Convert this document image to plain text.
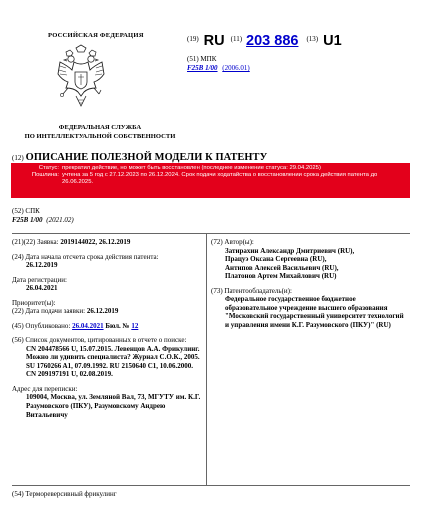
РОССИЙСКАЯ ФЕДЕРАЦИЯ
ФЕДЕРАЛЬНАЯ СЛУЖБА
ПО ИНТЕЛЛЕКТУАЛЬНОЙ СОБСТВЕННОСТИ
(19) RU (11) 203 886 (13) U1
(51) МПК
F25B 1/00 (2006.01)
(12) ОПИСАНИЕ ПОЛЕЗНОЙ МОДЕЛИ К ПАТЕНТУ
Статус: прекратил действие, но может быть восстановлен (последнее изменение статуса: 29.04.2025)
Пошлина: учтена за 5 год с 27.12.2023 по 26.12.2024. Срок подачи ходатайства о восстановлении срока действия патента до 26.06.2025.
(52) СПК
F25B 1/00 (2021.02)
(21)(22) Заявка: 2019144022, 26.12.2019
(24) Дата начала отсчета срока действия патента:
26.12.2019
Дата регистрации:
26.04.2021
Приоритет(ы):
(22) Дата подачи заявки: 26.12.2019
(45) Опубликовано: 26.04.2021 Бюл. № 12
(56) Список документов, цитированных в отчете о поиске:
CN 204478566 U, 15.07.2015. Левенцов А.А. Фрикулинг. Можно ли удивить специалиста? Журнал С.О.К., 2005. SU 1760266 A1, 07.09.1992. RU 2150640 C1, 10.06.2000. CN 209197191 U, 02.08.2019.
Адрес для переписки:
109004, Москва, ул. Земляной Вал, 73, МГУТУ им. К.Г. Разумовского (ПКУ), Разумовскому Андрею Витальевичу
(72) Автор(ы):
Затирахин Александр Дмитриевич (RU),
Працуэ Оксана Сергеевна (RU),
Антипов Алексей Васильевич (RU),
Платонов Артем Михайлович (RU)
(73) Патентообладатель(и):
Федеральное государственное бюджетное образовательное учреждение высшего образования "Московский государственный университет технологий и управления имени К.Г. Разумовского (ПКУ)" (RU)
(54) Термореверсивный фрикулинг
